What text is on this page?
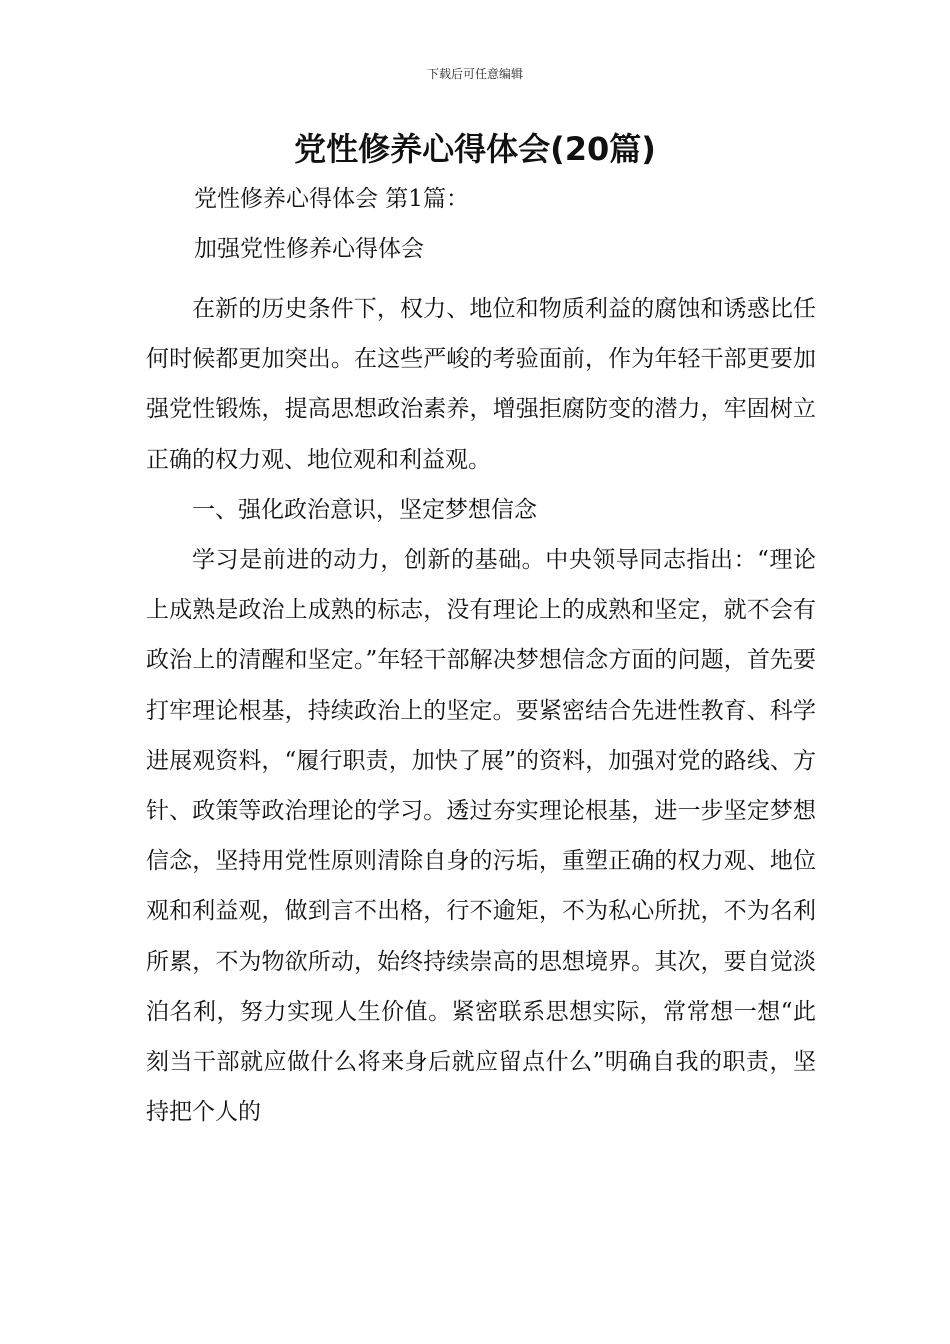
下载后可任意编辑
党性修养心得体会(20篇)
党性修养心得体会 第1篇：
加强党性修养心得体会

在新的历史条件下，权力、地位和物质利益的腐蚀和诱惑比任何时候都更加突出。在这些严峻的考验面前，作为年轻干部更要加强党性锻炼，提高思想政治素养，增强拒腐防变的潜力，牢固树立正确的权力观、地位观和利益观。

一、强化政治意识，坚定梦想信念

学习是前进的动力，创新的基础。中央领导同志指出：“理论上成熟是政治上成熟的标志，没有理论上的成熟和坚定，就不会有政治上的清醒和坚定。”年轻干部解决梦想信念方面的问题，首先要打牢理论根基，持续政治上的坚定。要紧密结合先进性教育、科学进展观资料，“履行职责，加快了展”的资料，加强对党的路线、方针、政策等政治理论的学习。透过夯实理论根基，进一步坚定梦想信念，坚持用党性原则清除自身的污垢，重塑正确的权力观、地位观和利益观，做到言不出格，行不逾矩，不为私心所扰，不为名利所累，不为物欲所动，始终持续崇高的思想境界。其次，要自觉淡泊名利，努力实现人生价值。紧密联系思想实际，常常想一想“此刻当干部就应做什么将来身后就应留点什么”明确自我的职责，坚持把个人的
